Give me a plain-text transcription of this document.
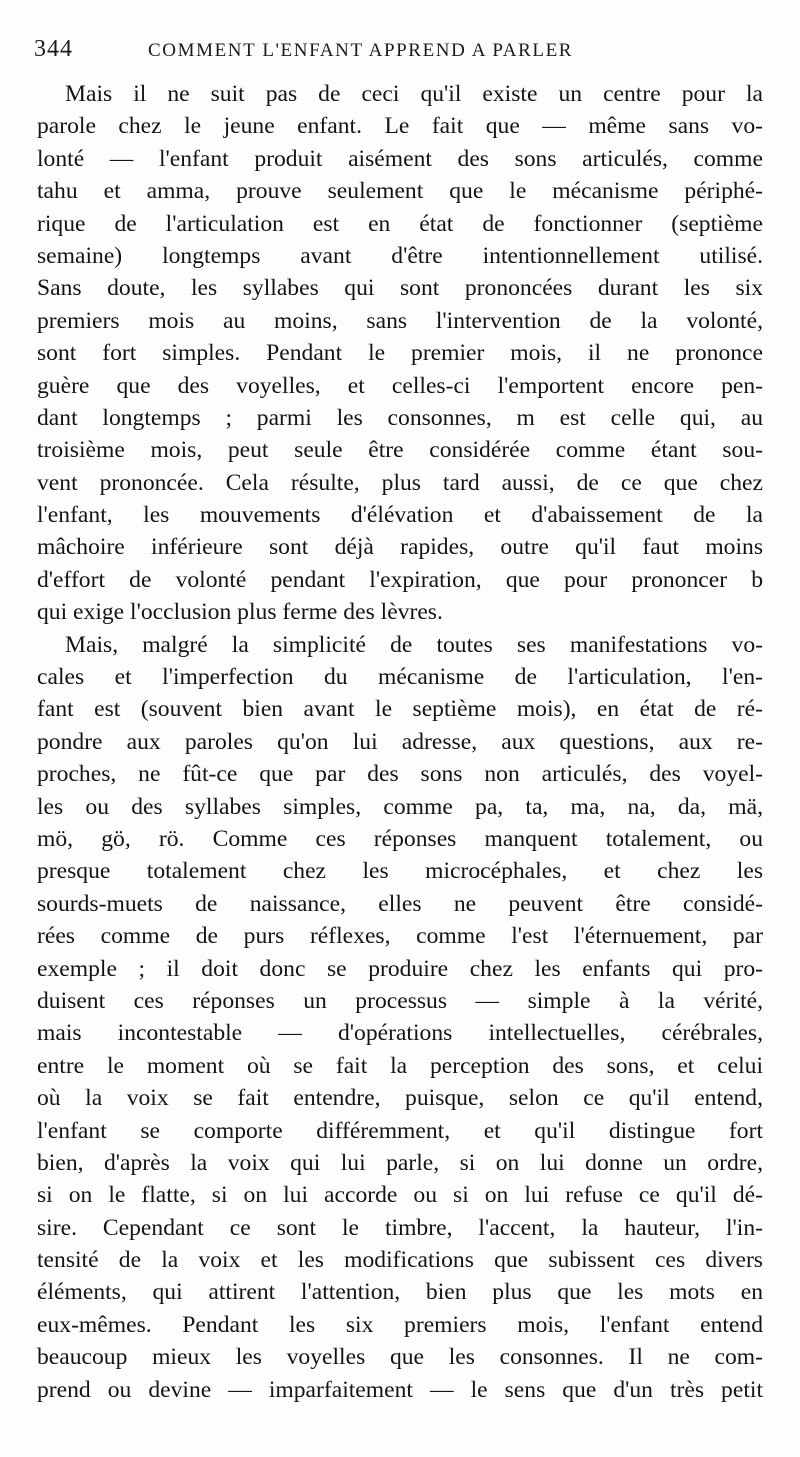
344	COMMENT L'ENFANT APPREND A PARLER
Mais il ne suit pas de ceci qu'il existe un centre pour la
parole chez le jeune enfant. Le fait que — même sans vo-
lonté — l'enfant produit aisément des sons articulés, comme
tahu et amma, prouve seulement que le mécanisme périphé-
rique de l'articulation est en état de fonctionner (septième
semaine) longtemps avant d'être intentionnellement utilisé.
Sans doute, les syllabes qui sont prononcées durant les six
premiers mois au moins, sans l'intervention de la volonté,
sont fort simples. Pendant le premier mois, il ne prononce
guère que des voyelles, et celles-ci l'emportent encore pen-
dant longtemps ; parmi les consonnes, m est celle qui, au
troisième mois, peut seule être considérée comme étant sou-
vent prononcée. Cela résulte, plus tard aussi, de ce que chez
l'enfant, les mouvements d'élévation et d'abaissement de la
mâchoire inférieure sont déjà rapides, outre qu'il faut moins
d'effort de volonté pendant l'expiration, que pour prononcer b
qui exige l'occlusion plus ferme des lèvres.
Mais, malgré la simplicité de toutes ses manifestations vo-
cales et l'imperfection du mécanisme de l'articulation, l'en-
fant est (souvent bien avant le septième mois), en état de ré-
pondre aux paroles qu'on lui adresse, aux questions, aux re-
proches, ne fût-ce que par des sons non articulés, des voyel-
les ou des syllabes simples, comme pa, ta, ma, na, da, mä,
mö, gö, rö. Comme ces réponses manquent totalement, ou
presque totalement chez les microcéphales, et chez les
sourds-muets de naissance, elles ne peuvent être considé-
rées comme de purs réflexes, comme l'est l'éternuement, par
exemple ; il doit donc se produire chez les enfants qui pro-
duisent ces réponses un processus — simple à la vérité,
mais incontestable — d'opérations intellectuelles, cérébrales,
entre le moment où se fait la perception des sons, et celui
où la voix se fait entendre, puisque, selon ce qu'il entend,
l'enfant se comporte différemment, et qu'il distingue fort
bien, d'après la voix qui lui parle, si on lui donne un ordre,
si on le flatte, si on lui accorde ou si on lui refuse ce qu'il dé-
sire. Cependant ce sont le timbre, l'accent, la hauteur, l'in-
tensité de la voix et les modifications que subissent ces divers
éléments, qui attirent l'attention, bien plus que les mots en
eux-mêmes. Pendant les six premiers mois, l'enfant entend
beaucoup mieux les voyelles que les consonnes. Il ne com-
prend ou devine — imparfaitement — le sens que d'un très petit
